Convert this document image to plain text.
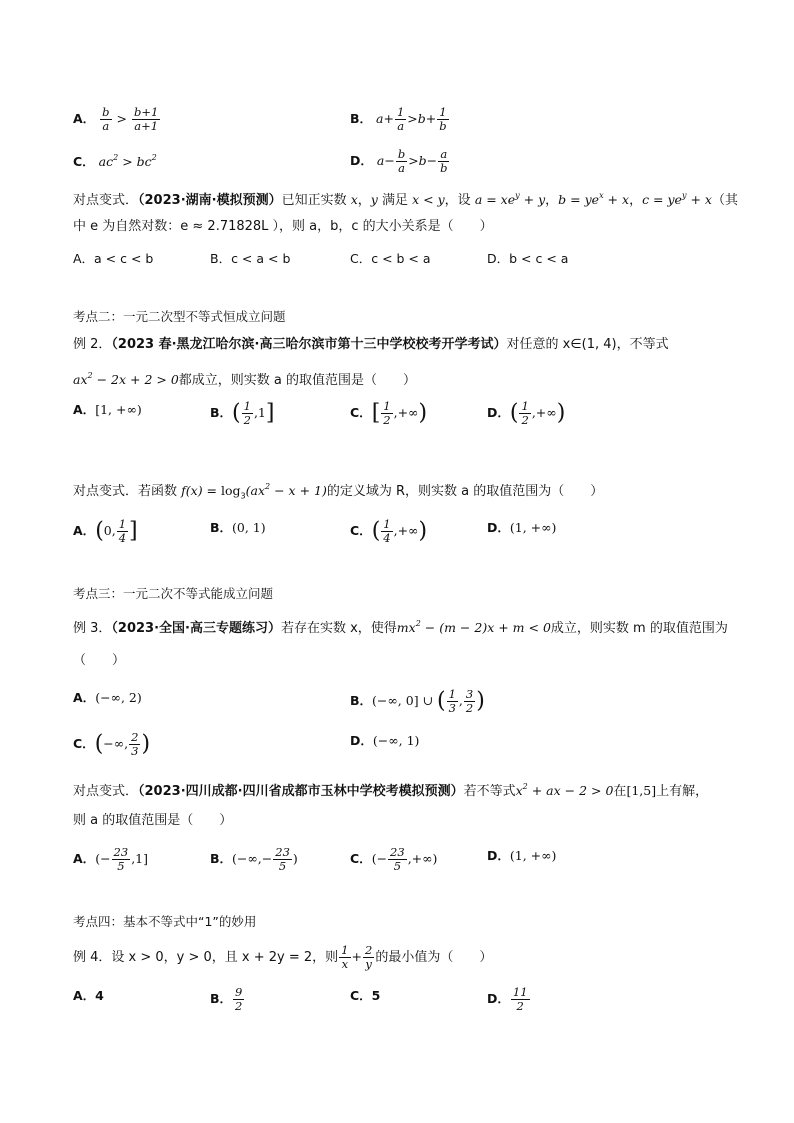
A． $\frac{b}{a} > \frac{b+1}{a+1}$	B． $a+ \frac{1}{a} >b+ \frac{1}{b}$
C． $ac^2 > bc^2$	D． $a- \frac{b}{a} >b- \frac{a}{b}$
对点变式．（2023·湖南·模拟预测）已知正实数 x，y 满足 x < y，设 $a = xe^y + y$，$b = ye^x + x$，$c = ye^y + x$（其
中 e 为自然对数：e ≈ 2.71828L ），则 a，b，c 的大小关系是（　　）
A．a < c < b	B．c < a < b	C．c < b < a	D．b < c < a
考点二：一元二次型不等式恒成立问题
例 2．（2023 春·黑龙江哈尔滨·高三哈尔滨市第十三中学校校考开学考试）对任意的 x∈(1, 4)，不等式
$ax^2 - 2x + 2 > 0$都成立，则实数 a 的取值范围是（　　）
A．[1, +∞)	B．( $\frac{1}{2} ,1$]	C．[ $\frac{1}{2}$ ,+∞)	D．( $\frac{1}{2}$ ,+∞)
对点变式．若函数 $f(x) = \log_3(ax^2 - x + 1)$的定义域为 R，则实数 a 的取值范围为（　　）
A．(0, $\frac{1}{4}$ ]	B．(0, 1)	C．( $\frac{1}{4}$ ,+∞)	D．(1, +∞)
考点三：一元二次不等式能成立问题
例 3．（2023·全国·高三专题练习）若存在实数 x，使得$mx^2 - (m - 2)x + m < 0$成立，则实数 m 的取值范围为
（　　）
A．(−∞, 2)	B．(−∞, 0] ∪ ( $\frac{1}{3}$ , $\frac{3}{2}$ )
C．(−∞, $\frac{2}{3}$ )	D．(−∞, 1)
对点变式．（2023·四川成都·四川省成都市玉林中学校考模拟预测）若不等式$x^2$ + ax − 2 > 0在[1,5]上有解，
则 a 的取值范围是（　　）
A．(− $\frac{23}{5} ,1$]	B．(−∞,− $\frac{23}{5}$ )	C．(− $\frac{23}{5}$ ,+∞)	D．(1, +∞)
考点四：基本不等式中“1”的妙用
例 4．设 x > 0，y > 0，且 x + 2y = 2，则 $\frac{1}{x} + \frac{2}{y}$ 的最小值为（　　）
A．4	B． $\frac{9}{2}$	C．5	D． $\frac{11}{2}$
